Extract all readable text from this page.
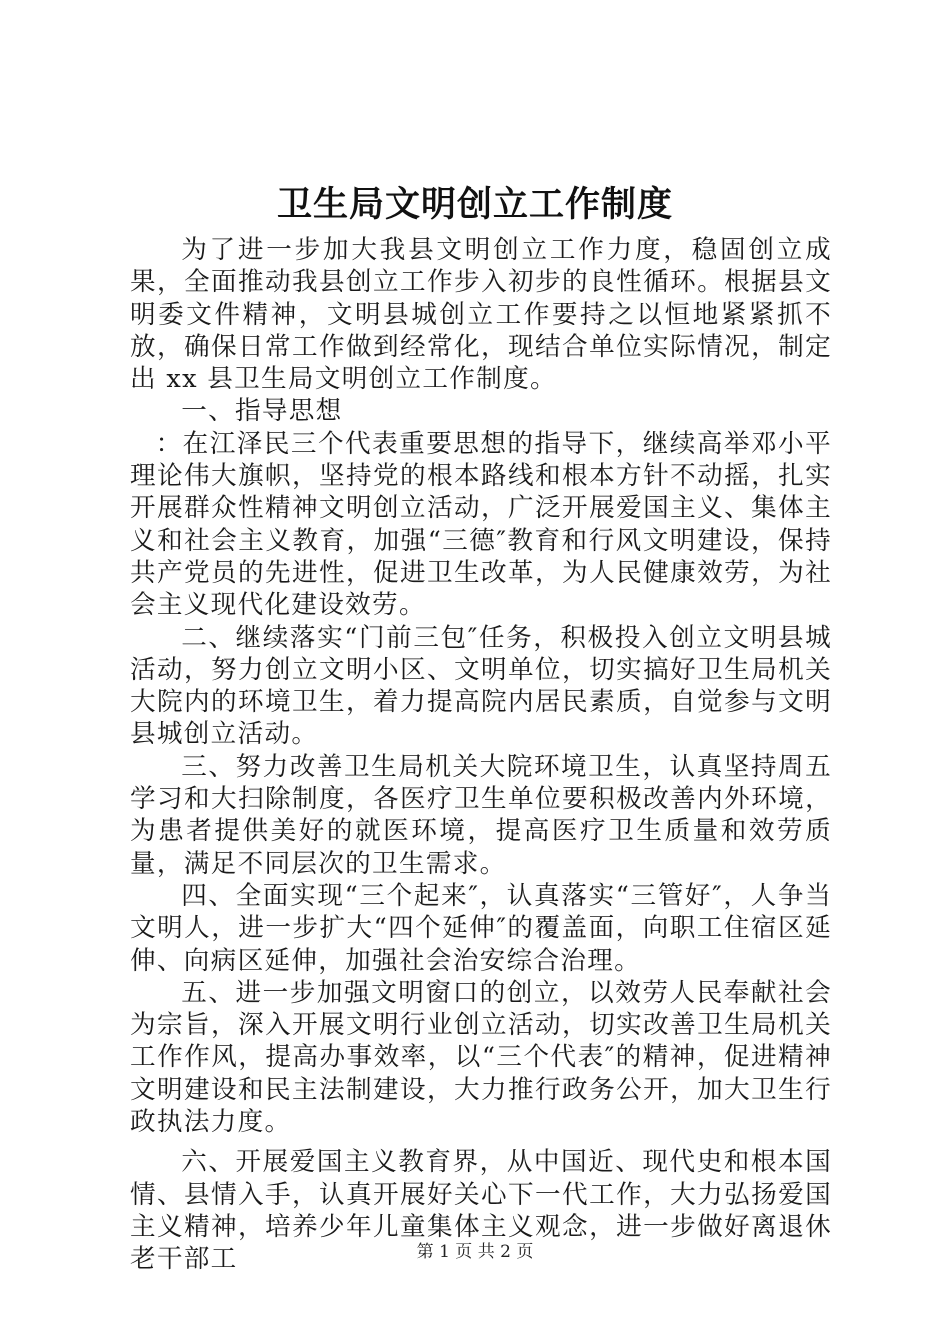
卫生局文明创立工作制度

为了进一步加大我县文明创立工作力度，稳固创立成果，全面推动我县创立工作步入初步的良性循环。根据县文明委文件精神，文明县城创立工作要持之以恒地紧紧抓不放，确保日常工作做到经常化，现结合单位实际情况，制定出 xx 县卫生局文明创立工作制度。

一、指导思想

：在江泽民三个代表重要思想的指导下，继续高举邓小平理论伟大旗帜，坚持党的根本路线和根本方针不动摇，扎实开展群众性精神文明创立活动，广泛开展爱国主义、集体主义和社会主义教育，加强“三德″教育和行风文明建设，保持共产党员的先进性，促进卫生改革，为人民健康效劳，为社会主义现代化建设效劳。

二、继续落实“门前三包″任务，积极投入创立文明县城活动，努力创立文明小区、文明单位，切实搞好卫生局机关大院内的环境卫生，着力提高院内居民素质，自觉参与文明县城创立活动。

三、努力改善卫生局机关大院环境卫生，认真坚持周五学习和大扫除制度，各医疗卫生单位要积极改善内外环境，为患者提供美好的就医环境，提高医疗卫生质量和效劳质量，满足不同层次的卫生需求。

四、全面实现“三个起来″，认真落实“三管好″，人争当文明人，进一步扩大“四个延伸″的覆盖面，向职工住宿区延伸、向病区延伸，加强社会治安综合治理。

五、进一步加强文明窗口的创立，以效劳人民奉献社会为宗旨，深入开展文明行业创立活动，切实改善卫生局机关工作作风，提高办事效率，以“三个代表″的精神，促进精神文明建设和民主法制建设，大力推行政务公开，加大卫生行政执法力度。

六、开展爱国主义教育界，从中国近、现代史和根本国情、县情入手，认真开展好关心下一代工作，大力弘扬爱国主义精神，培养少年儿童集体主义观念，进一步做好离退休老干部工	第 1 页 共 2 页
